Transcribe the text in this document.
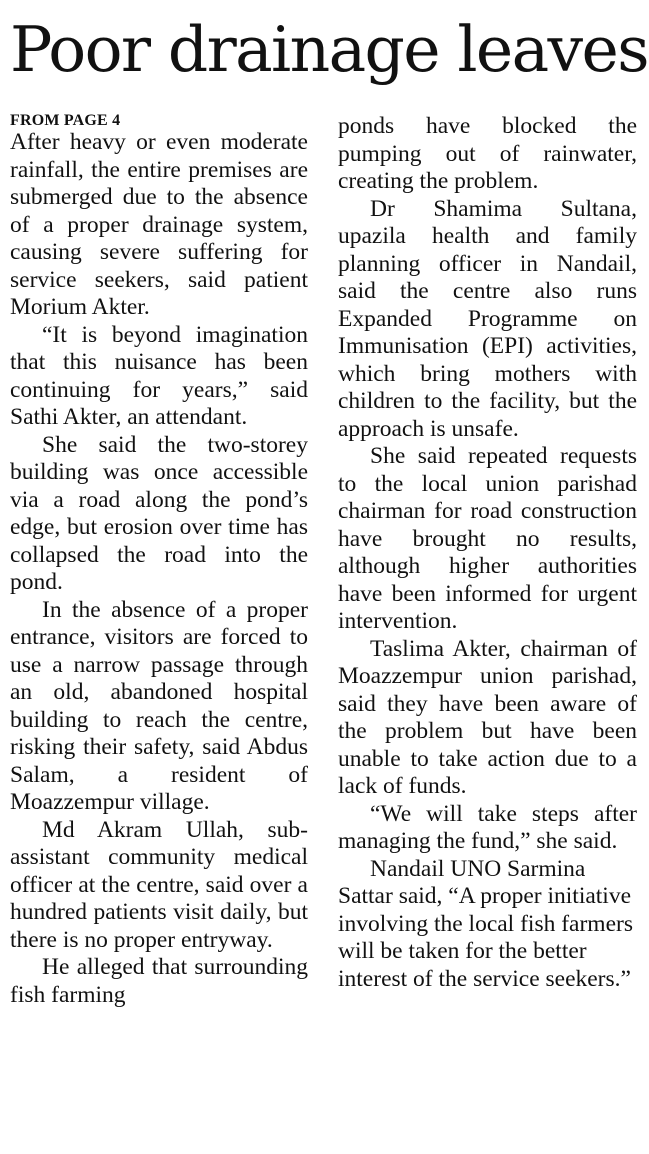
Poor drainage leaves
FROM PAGE 4

After heavy or even moderate rainfall, the entire premises are submerged due to the absence of a proper drainage system, causing severe suffering for service seekers, said patient Morium Akter.

“It is beyond imagination that this nuisance has been continuing for years,” said Sathi Akter, an attendant.

She said the two-storey building was once accessible via a road along the pond’s edge, but erosion over time has collapsed the road into the pond.

In the absence of a proper entrance, visitors are forced to use a narrow passage through an old, abandoned hospital building to reach the centre, risking their safety, said Abdus Salam, a resident of Moazzempur village.

Md Akram Ullah, sub-assistant community medical officer at the centre, said over a hundred patients visit daily, but there is no proper entryway.

He alleged that surrounding fish farming

ponds have blocked the pumping out of rainwater, creating the problem.

Dr Shamima Sultana, upazila health and family planning officer in Nandail, said the centre also runs Expanded Programme on Immunisation (EPI) activities, which bring mothers with children to the facility, but the approach is unsafe.

She said repeated requests to the local union parishad chairman for road construction have brought no results, although higher authorities have been informed for urgent intervention.

Taslima Akter, chairman of Moazzempur union parishad, said they have been aware of the problem but have been unable to take action due to a lack of funds.

“We will take steps after managing the fund,” she said.

Nandail UNO Sarmina Sattar said, “A proper initiative involving the local fish farmers will be taken for the better interest of the service seekers.”
